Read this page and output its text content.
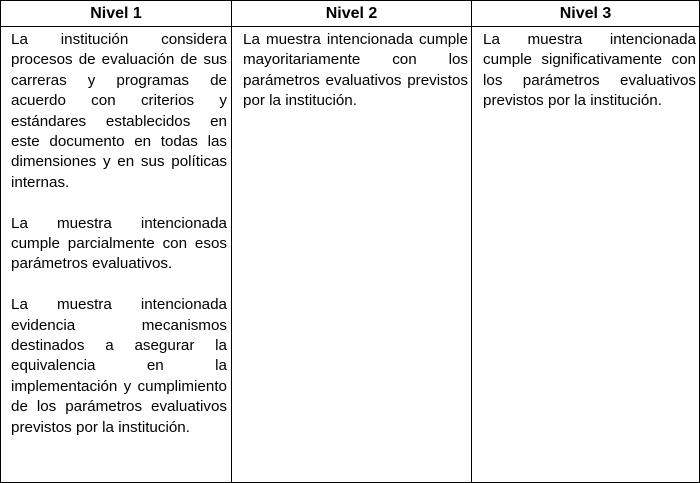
Nivel 1	Nivel 2	Nivel 3

La institución considera procesos de evaluación de sus carreras y programas de acuerdo con criterios y estándares establecidos en este documento en todas las dimensiones y en sus políticas internas.

La muestra intencionada cumple parcialmente con esos parámetros evaluativos.

La muestra intencionada evidencia mecanismos destinados a asegurar la equivalencia en la implementación y cumplimiento de los parámetros evaluativos previstos por la institución.	La muestra intencionada cumple mayoritariamente con los parámetros evaluativos previstos por la institución.	La muestra intencionada cumple significativamente con los parámetros evaluativos previstos por la institución.
